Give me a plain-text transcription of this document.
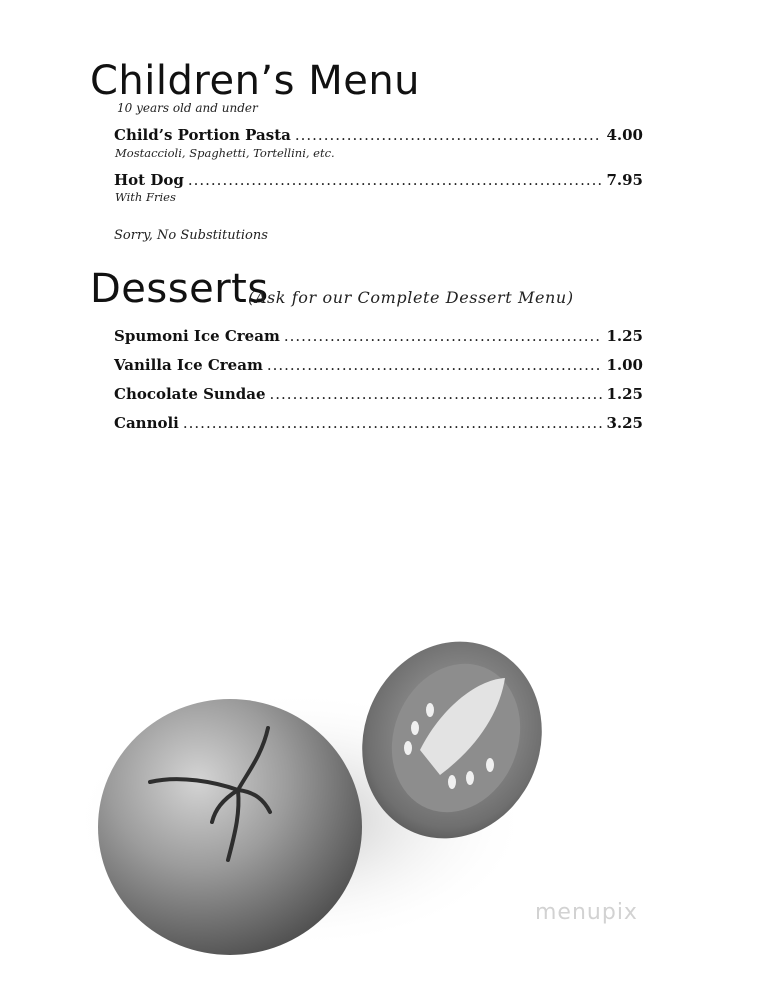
Children’s Menu
10 years old and under
Child’s Portion Pasta .....	4.00
Mostaccioli, Spaghetti, Tortellini, etc.
Hot Dog .....	7.95
With Fries
Sorry, No Substitutions
Desserts
(Ask for our Complete Dessert Menu)
Spumoni Ice Cream .....	1.25
Vanilla Ice Cream .....	1.00
Chocolate Sundae .....	1.25
Cannoli .....	3.25
menupix
